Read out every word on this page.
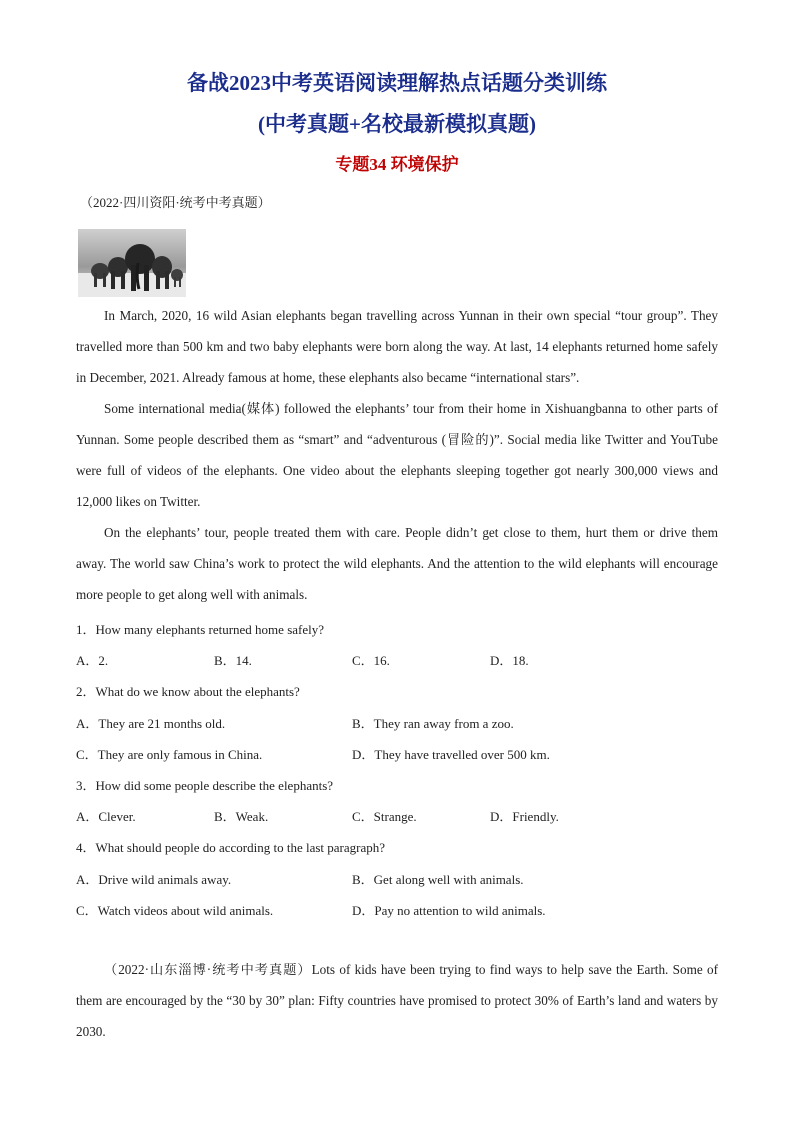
备战2023中考英语阅读理解热点话题分类训练
(中考真题+名校最新模拟真题)
专题34 环境保护
（2022·四川资阳·统考中考真题）

In March, 2020, 16 wild Asian elephants began travelling across Yunnan in their own special “tour group”. They travelled more than 500 km and two baby elephants were born along the way. At last, 14 elephants returned home safely in December, 2021. Already famous at home, these elephants also became “international stars”.

Some international media(媒体) followed the elephants’ tour from their home in Xishuangbanna to other parts of Yunnan. Some people described them as “smart” and “adventurous (冒险的)”. Social media like Twitter and YouTube were full of videos of the elephants. One video about the elephants sleeping together got nearly 300,000 views and 12,000 likes on Twitter.

On the elephants’ tour, people treated them with care. People didn’t get close to them, hurt them or drive them away. The world saw China’s work to protect the wild elephants. And the attention to the wild elephants will encourage more people to get along well with animals.

1．How many elephants returned home safely?
A．2.	B．14.	C．16.	D．18.
2．What do we know about the elephants?
A．They are 21 months old.	B．They ran away from a zoo.
C．They are only famous in China.	D．They have travelled over 500 km.
3．How did some people describe the elephants?
A．Clever.	B．Weak.	C．Strange.	D．Friendly.
4．What should people do according to the last paragraph?
A．Drive wild animals away.	B．Get along well with animals.
C．Watch videos about wild animals.	D．Pay no attention to wild animals.

（2022·山东淄博·统考中考真题）Lots of kids have been trying to find ways to help save the Earth. Some of them are encouraged by the “30 by 30” plan: Fifty countries have promised to protect 30% of Earth’s land and waters by 2030.
